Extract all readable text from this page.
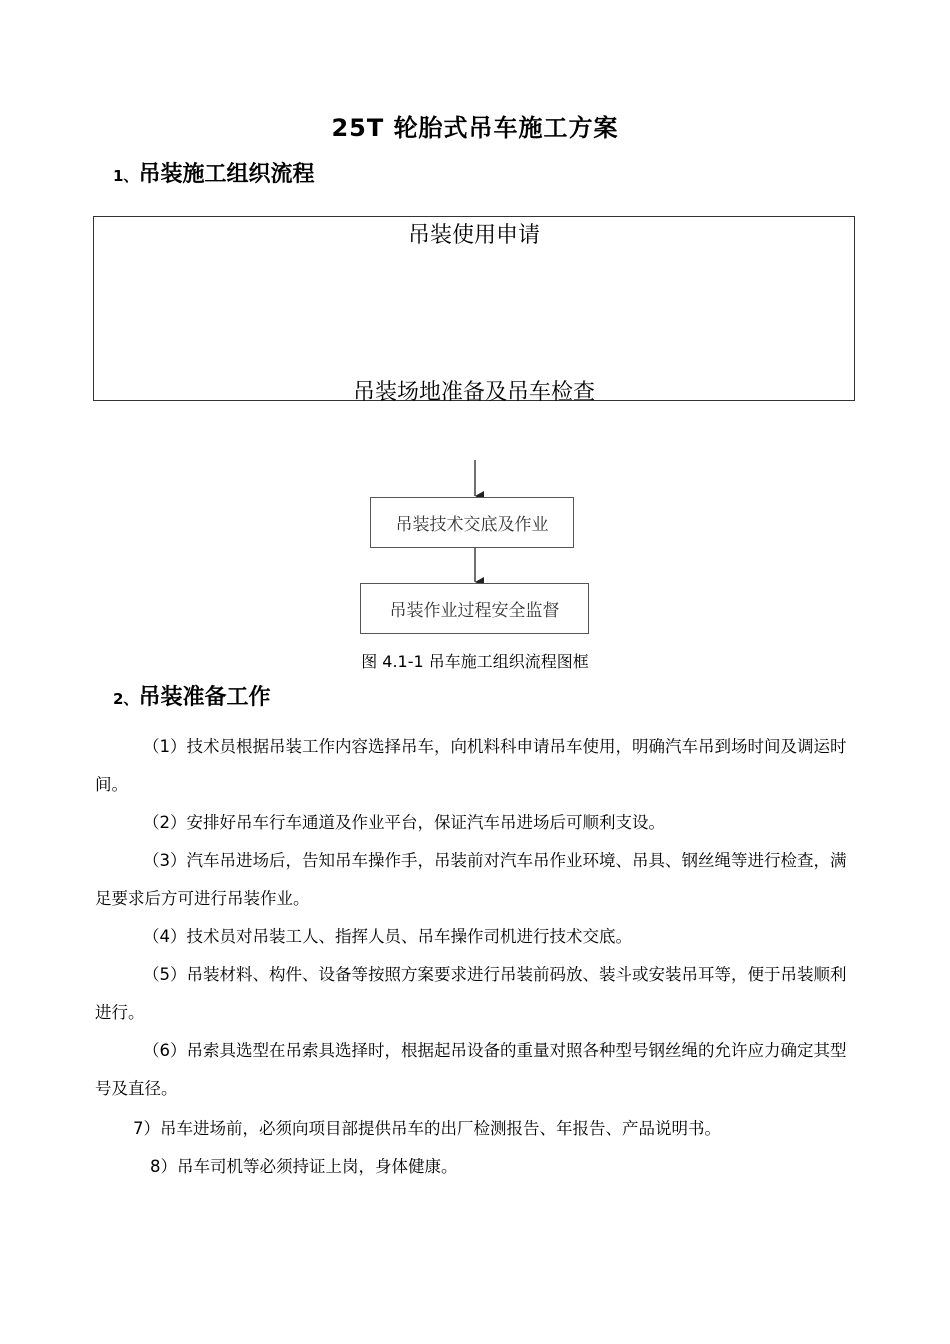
25T 轮胎式吊车施工方案
1、吊装施工组织流程
吊装使用申请
吊装场地准备及吊车检查
吊装技术交底及作业
吊装作业过程安全监督
图 4.1-1 吊车施工组织流程图框
2、吊装准备工作
（1）技术员根据吊装工作内容选择吊车，向机料科申请吊车使用，明确汽车吊到场时间及调运时间。
（2）安排好吊车行车通道及作业平台，保证汽车吊进场后可顺利支设。
（3）汽车吊进场后，告知吊车操作手，吊装前对汽车吊作业环境、吊具、钢丝绳等进行检查，满足要求后方可进行吊装作业。
（4）技术员对吊装工人、指挥人员、吊车操作司机进行技术交底。
（5）吊装材料、构件、设备等按照方案要求进行吊装前码放、装斗或安装吊耳等，便于吊装顺利进行。
（6）吊索具选型在吊索具选择时，根据起吊设备的重量对照各种型号钢丝绳的允许应力确定其型号及直径。
7）吊车进场前，必须向项目部提供吊车的出厂检测报告、年报告、产品说明书。
8）吊车司机等必须持证上岗，身体健康。
